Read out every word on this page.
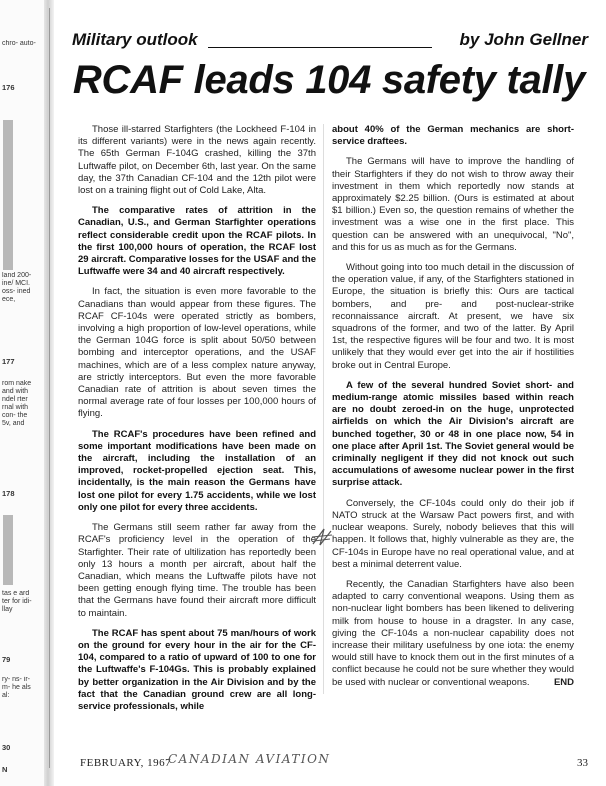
chro- auto-
176
land 200- ine/ MCI. oss- ined ece,
177
rom nake and with ndel rter rnal with con- the 5v, and
178
tas e ard ter for idi- llay
79
ry- ns- ir- m- he als al:
30
N
Military outlook	by John Gellner
RCAF leads 104 safety tally

Those ill-starred Starfighters (the Lockheed F-104 in its different variants) were in the news again recently. The 65th German F-104G crashed, killing the 37th Luftwaffe pilot, on December 6th, last year. On the same day, the 37th Canadian CF-104 and the 12th pilot were lost on a training flight out of Cold Lake, Alta.

The comparative rates of attrition in the Canadian, U.S., and German Starfighter operations reflect considerable credit upon the RCAF pilots. In the first 100,000 hours of operation, the RCAF lost 29 aircraft. Comparative losses for the USAF and the Luftwaffe were 34 and 40 aircraft respectively.

In fact, the situation is even more favorable to the Canadians than would appear from these figures. The RCAF CF-104s were operated strictly as bombers, involving a high proportion of low-level operations, while the German 104G force is split about 50/50 between bombing and interceptor operations, and the USAF machines, which are of a less complex nature anyway, are strictly interceptors. But even the more favorable Canadian rate of attrition is about seven times the normal average rate of four losses per 100,000 hours of flying.

The RCAF's procedures have been refined and some important modifications have been made on the aircraft, including the installation of an improved, rocket-propelled ejection seat. This, incidentally, is the main reason the Germans have lost one pilot for every 1.75 accidents, while we lost only one pilot for every three accidents.

The Germans still seem rather far away from the RCAF's proficiency level in the operation of the Starfighter. Their rate of ultilization has reportedly been only 13 hours a month per aircraft, about half the Canadian, which means the Luftwaffe pilots have not been getting enough flying time. The trouble has been that the Germans have found their aircraft more difficult to maintain.

The RCAF has spent about 75 man/hours of work on the ground for every hour in the air for the CF-104, compared to a ratio of upward of 100 to one for the Luftwaffe's F-104Gs. This is probably explained by better organization in the Air Division and by the fact that the Canadian ground crew are all long-service professionals, while

about 40% of the German mechanics are short-service draftees.

The Germans will have to improve the handling of their Starfighters if they do not wish to throw away their investment in them which reportedly now stands at approximately $2.25 billion. (Ours is estimated at about $1 billion.) Even so, the question remains of whether the investment was a wise one in the first place. This question can be answered with an unequivocal, "No", and this for us as much as for the Germans.

Without going into too much detail in the discussion of the operation value, if any, of the Starfighters stationed in Europe, the situation is briefly this: Ours are tactical bombers, and pre- and post-nuclear-strike reconnaissance aircraft. At present, we have six squadrons of the former, and two of the latter. By April 1st, the respective figures will be four and two. It is most unlikely that they would ever get into the air if hostilities broke out in Central Europe.

A few of the several hundred Soviet short- and medium-range atomic missiles based within reach are no doubt zeroed-in on the huge, unprotected airfields on which the Air Division's aircraft are bunched together, 30 or 48 in one place now, 54 in one place after April 1st. The Soviet general would be criminally negligent if they did not knock out such accumulations of awesome nuclear power in the first surprise attack.

Conversely, the CF-104s could only do their job if NATO struck at the Warsaw Pact powers first, and with nuclear weapons. Surely, nobody believes that this will happen. It follows that, highly vulnerable as they are, the CF-104s in Europe have no real operational value, and at best a minimal deterrent value.

Recently, the Canadian Starfighters have also been adapted to carry conventional weapons. Using them as non-nuclear light bombers has been likened to delivering milk from house to house in a dragster. In any case, giving the CF-104s a non-nuclear capability does not increase their military usefulness by one iota: the enemy would still have to knock them out in the first minutes of a conflict because he could not be sure whether they would be used with nuclear or conventional weapons.	END

FEBRUARY, 1967
CANADIAN AVIATION	33
